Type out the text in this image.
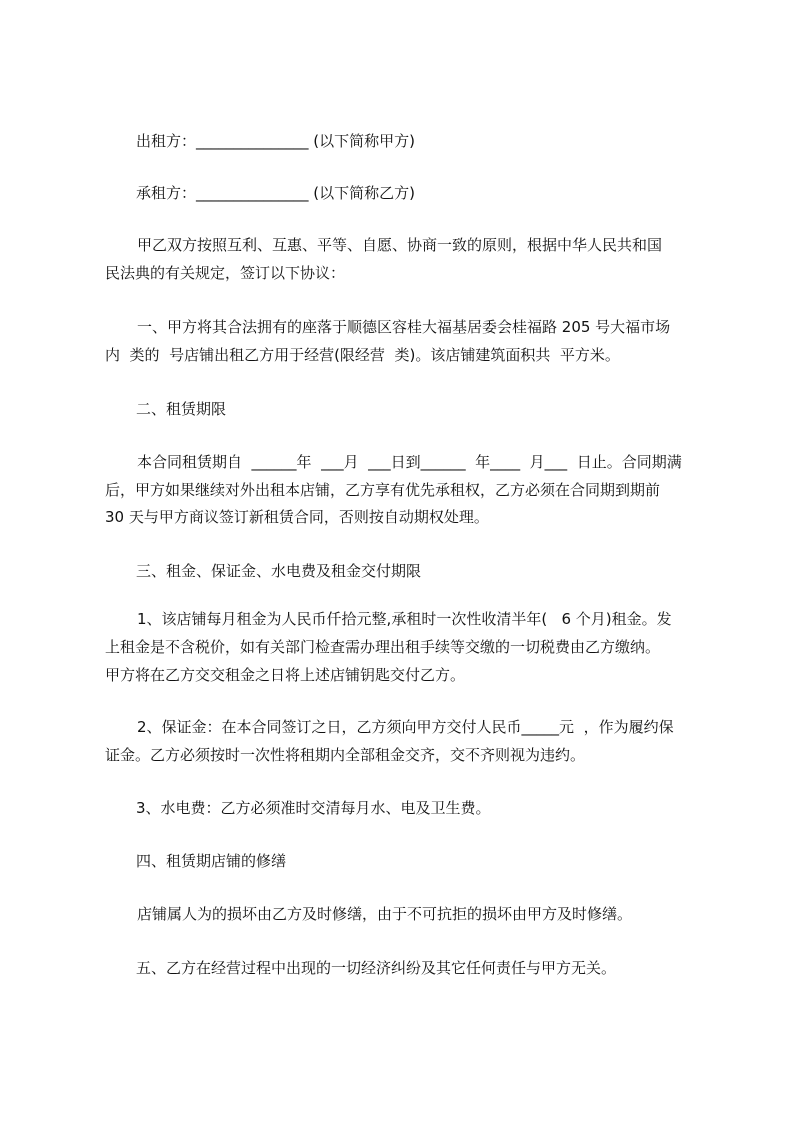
出租方：_______________ (以下简称甲方)
承租方：_______________ (以下简称乙方)
甲乙双方按照互利、互惠、平等、自愿、协商一致的原则，根据中华人民共和国
民法典的有关规定，签订以下协议：
一、甲方将其合法拥有的座落于顺德区容桂大福基居委会桂福路 205 号大福市场
内  类的  号店铺出租乙方用于经营(限经营  类)。该店铺建筑面积共  平方米。
二、租赁期限
本合同租赁期自  ______年  ___月  ___日到______  年____  月___  日止。合同期满
后，甲方如果继续对外出租本店铺，乙方享有优先承租权，乙方必须在合同期到期前
30 天与甲方商议签订新租赁合同，否则按自动期权处理。
三、租金、保证金、水电费及租金交付期限
1、该店铺每月租金为人民币仟拾元整,承租时一次性收清半年(   6 个月)租金。发
上租金是不含税价，如有关部门检查需办理出租手续等交缴的一切税费由乙方缴纳。
甲方将在乙方交交租金之日将上述店铺钥匙交付乙方。
2、保证金：在本合同签订之日，乙方须向甲方交付人民币_____元  ，作为履约保
证金。乙方必须按时一次性将租期内全部租金交齐，交不齐则视为违约。
3、水电费：乙方必须准时交清每月水、电及卫生费。
四、租赁期店铺的修缮
店铺属人为的损坏由乙方及时修缮，由于不可抗拒的损坏由甲方及时修缮。
五、乙方在经营过程中出现的一切经济纠纷及其它任何责任与甲方无关。
